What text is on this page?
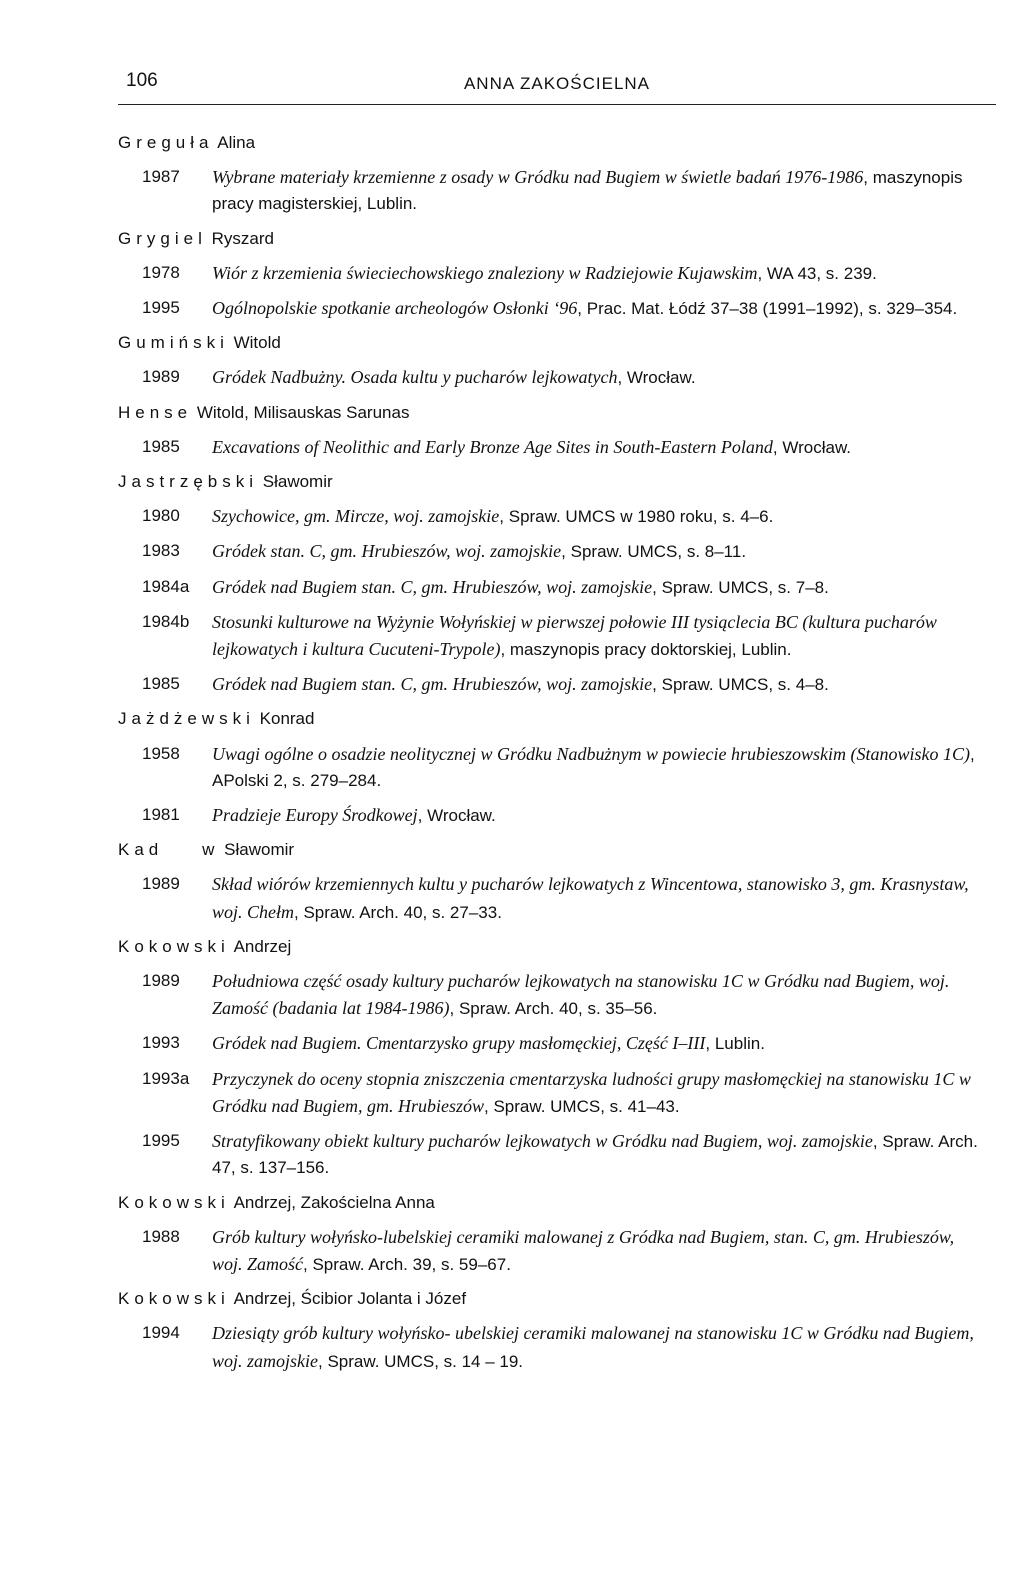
106	ANNA ZAKOŚCIELNA
Greguła Alina
1987	Wybrane materiały krzemienne z osady w Gródku nad Bugiem w świetle badań 1976-1986, maszynopis pracy magisterskiej, Lublin.
Grygiel Ryszard
1978	Wiór z krzemienia świeciechowskiego znaleziony w Radziejowie Kujawskim, WA 43, s. 239.
1995	Ogólnopolskie spotkanie archeologów Osłonki ‘96, Prac. Mat. Łódź 37–38 (1991–1992), s. 329–354.
Gumiński Witold
1989	Gródek Nadbużny. Osada kultu y pucharów lejkowatych, Wrocław.
Hense Witold, Milisauskas Sarunas
1985	Excavations of Neolithic and Early Bronze Age Sites in South-Eastern Poland, Wrocław.
Jastrzębski Sławomir
1980	Szychowice, gm. Mircze, woj. zamojskie, Spraw. UMCS w 1980 roku, s. 4–6.
1983	Gródek stan. C, gm. Hrubieszów, woj. zamojskie, Spraw. UMCS, s. 8–11.
1984a	Gródek nad Bugiem stan. C, gm. Hrubieszów, woj. zamojskie, Spraw. UMCS, s. 7–8.
1984b	Stosunki kulturowe na Wyżynie Wołyńskiej w pierwszej połowie III tysiąclecia BC (kultura pucharów lejkowatych i kultura Cucuteni-Trypole), maszynopis pracy doktorskiej, Lublin.
1985	Gródek nad Bugiem stan. C, gm. Hrubieszów, woj. zamojskie, Spraw. UMCS, s. 4–8.
Jażdżewski Konrad
1958	Uwagi ogólne o osadzie neolitycznej w Gródku Nadbużnym w powiecie hrubieszowskim (Stanowisko 1C), APolski 2, s. 279–284.
1981	Pradzieje Europy Środkowej, Wrocław.
Kad    w Sławomir
1989	Skład wiórów krzemiennych kultu y pucharów lejkowatych z Wincentowa, stanowisko 3, gm. Krasnystaw, woj. Chełm, Spraw. Arch. 40, s. 27–33.
Kokowski Andrzej
1989	Południowa część osady kultury pucharów lejkowatych na stanowisku 1C w Gródku nad Bugiem, woj. Zamość (badania lat 1984-1986), Spraw. Arch. 40, s. 35–56.
1993	Gródek nad Bugiem. Cmentarzysko grupy masłomęckiej, Część I–III, Lublin.
1993a	Przyczynek do oceny stopnia zniszczenia cmentarzyska ludności grupy masłomęckiej na stanowisku 1C w Gródku nad Bugiem, gm. Hrubieszów, Spraw. UMCS, s. 41–43.
1995	Stratyfikowany obiekt kultury pucharów lejkowatych w Gródku nad Bugiem, woj. zamojskie, Spraw. Arch. 47, s. 137–156.
Kokowski Andrzej, Zakościelna Anna
1988	Grób kultury wołyńsko-lubelskiej ceramiki malowanej z Gródka nad Bugiem, stan. C, gm. Hrubieszów, woj. Zamość, Spraw. Arch. 39, s. 59–67.
Kokowski Andrzej, Ścibior Jolanta i Józef
1994	Dziesiąty grób kultury wołyńsko- ubelskiej ceramiki malowanej na stanowisku 1C w Gródku nad Bugiem, woj. zamojskie, Spraw. UMCS, s. 14 – 19.
